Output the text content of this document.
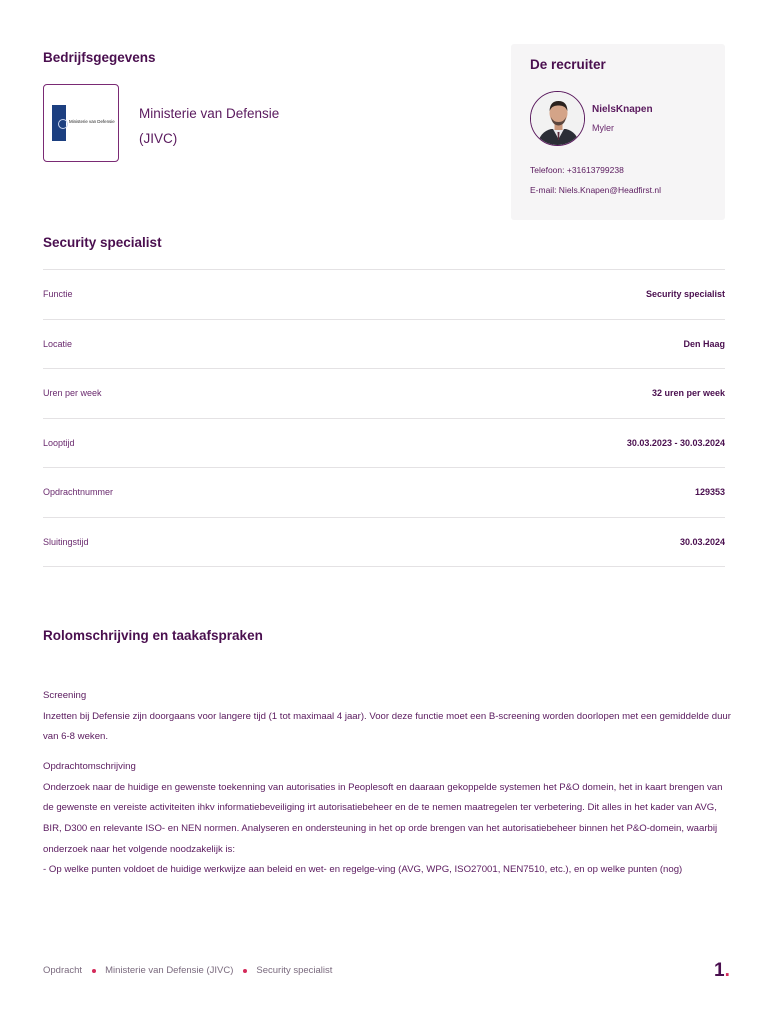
Bedrijfsgegevens
Ministerie van Defensie
Ministerie van Defensie (JIVC)
De recruiter
NielsKnapen
Myler
Telefoon: +31613799238
E-mail: Niels.Knapen@Headfirst.nl
Security specialist
Functie	Security specialist
Locatie	Den Haag
Uren per week	32 uren per week
Looptijd	30.03.2023 - 30.03.2024
Opdrachtnummer	129353
Sluitingstijd	30.03.2024
Rolomschrijving en taakafspraken
Screening
Inzetten bij Defensie zijn doorgaans voor langere tijd (1 tot maximaal 4 jaar). Voor deze functie moet een B-screening worden doorlopen met een gemiddelde duur van 6-8 weken.
Opdrachtomschrijving
Onderzoek naar de huidige en gewenste toekenning van autorisaties in Peoplesoft en daaraan gekoppelde systemen het P&O domein, het in kaart brengen van de gewenste en vereiste activiteiten ihkv informatiebeveiliging irt autorisatiebeheer en de te nemen maatregelen ter verbetering. Dit alles in het kader van AVG, BIR, D300 en relevante ISO- en NEN normen. Analyseren en ondersteuning in het op orde brengen van het autorisatiebeheer binnen het P&O-domein, waarbij onderzoek naar het volgende noodzakelijk is:
- Op welke punten voldoet de huidige werkwijze aan beleid en wet- en regelge-ving (AVG, WPG, ISO27001, NEN7510, etc.), en op welke punten (nog)
Opdracht Ministerie van Defensie (JIVC) Security specialist	1.
